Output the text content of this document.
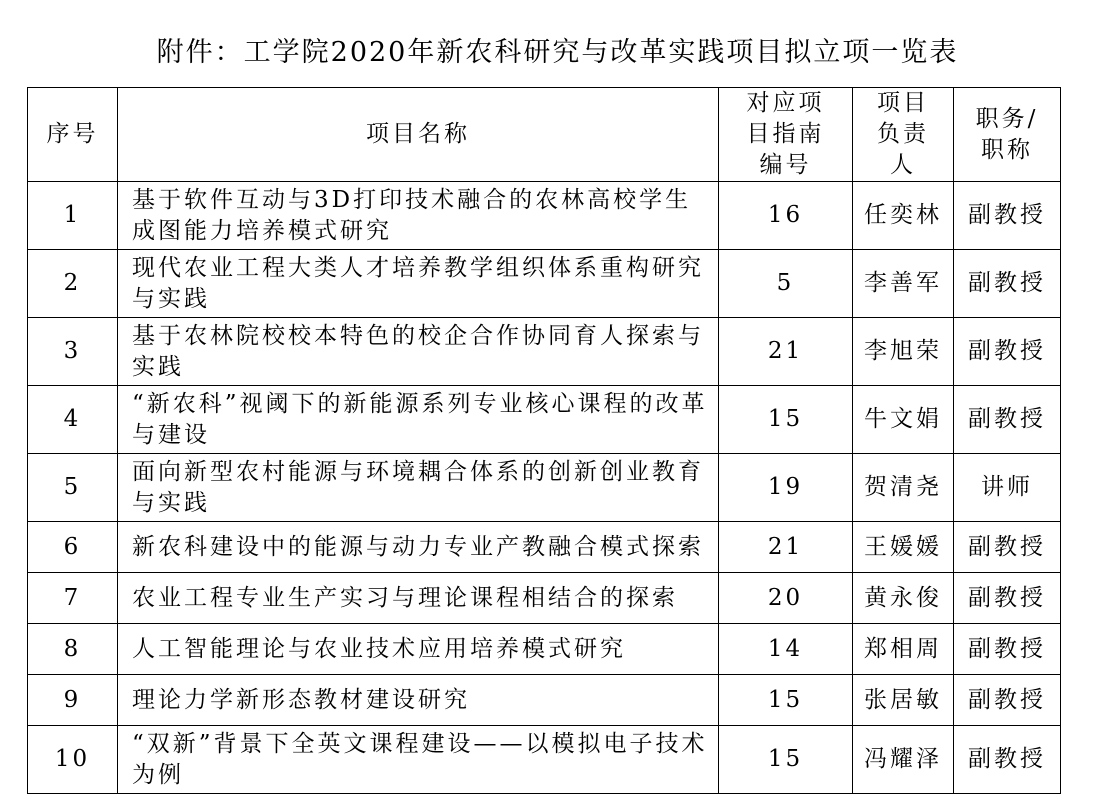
附件：工学院2020年新农科研究与改革实践项目拟立项一览表
序号	项目名称	对应项目指南编号	项目负责人	职务/职称
1	基于软件互动与3D打印技术融合的农林高校学生成图能力培养模式研究	16	任奕林	副教授
2	现代农业工程大类人才培养教学组织体系重构研究与实践	5	李善军	副教授
3	基于农林院校校本特色的校企合作协同育人探索与实践	21	李旭荣	副教授
4	“新农科”视阈下的新能源系列专业核心课程的改革与建设	15	牛文娟	副教授
5	面向新型农村能源与环境耦合体系的创新创业教育与实践	19	贺清尧	讲师
6	新农科建设中的能源与动力专业产教融合模式探索	21	王媛媛	副教授
7	农业工程专业生产实习与理论课程相结合的探索	20	黄永俊	副教授
8	人工智能理论与农业技术应用培养模式研究	14	郑相周	副教授
9	理论力学新形态教材建设研究	15	张居敏	副教授
10	“双新”背景下全英文课程建设——以模拟电子技术为例	15	冯耀泽	副教授
